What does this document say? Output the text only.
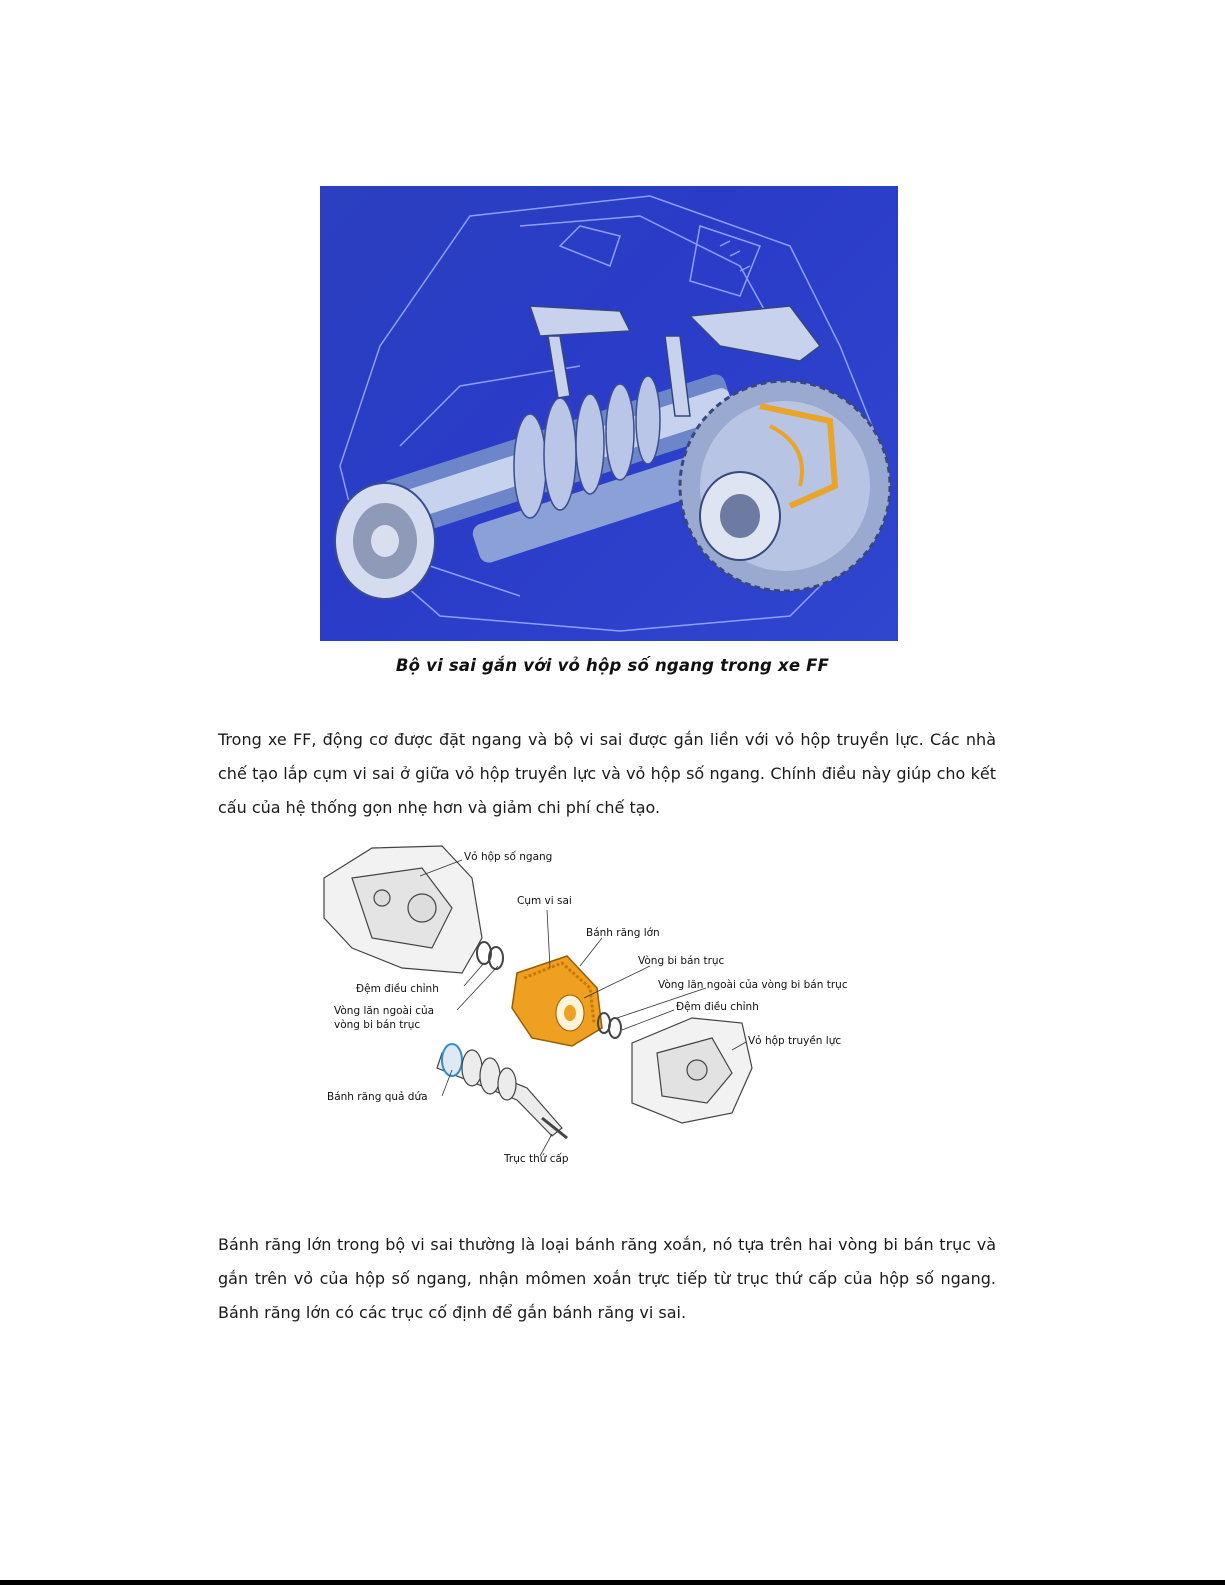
Bộ vi sai gắn với vỏ hộp số ngang trong xe FF

Trong xe FF, động cơ được đặt ngang và bộ vi sai được gắn liền với vỏ hộp truyền lực. Các nhà chế tạo lắp cụm vi sai ở giữa vỏ hộp truyền lực và vỏ hộp số ngang. Chính điều này giúp cho kết cấu của hệ thống gọn nhẹ hơn và giảm chi phí chế tạo.

Vỏ hộp số ngang
Cụm vi sai
Bánh răng lớn
Vòng bi bán trục
Vòng lăn ngoài của vòng bi bán trục
Đệm điều chỉnh
Vỏ hộp truyền lực
Đệm điều chỉnh
Vòng lăn ngoài của
vòng bi bán trục
Bánh răng quả dứa
Trục thứ cấp

Bánh răng lớn trong bộ vi sai thường là loại bánh răng xoắn, nó tựa trên hai vòng bi bán trục và gắn trên vỏ của hộp số ngang, nhận mômen xoắn trực tiếp từ trục thứ cấp của hộp số ngang. Bánh răng lớn có các trục cố định để gắn bánh răng vi sai.
